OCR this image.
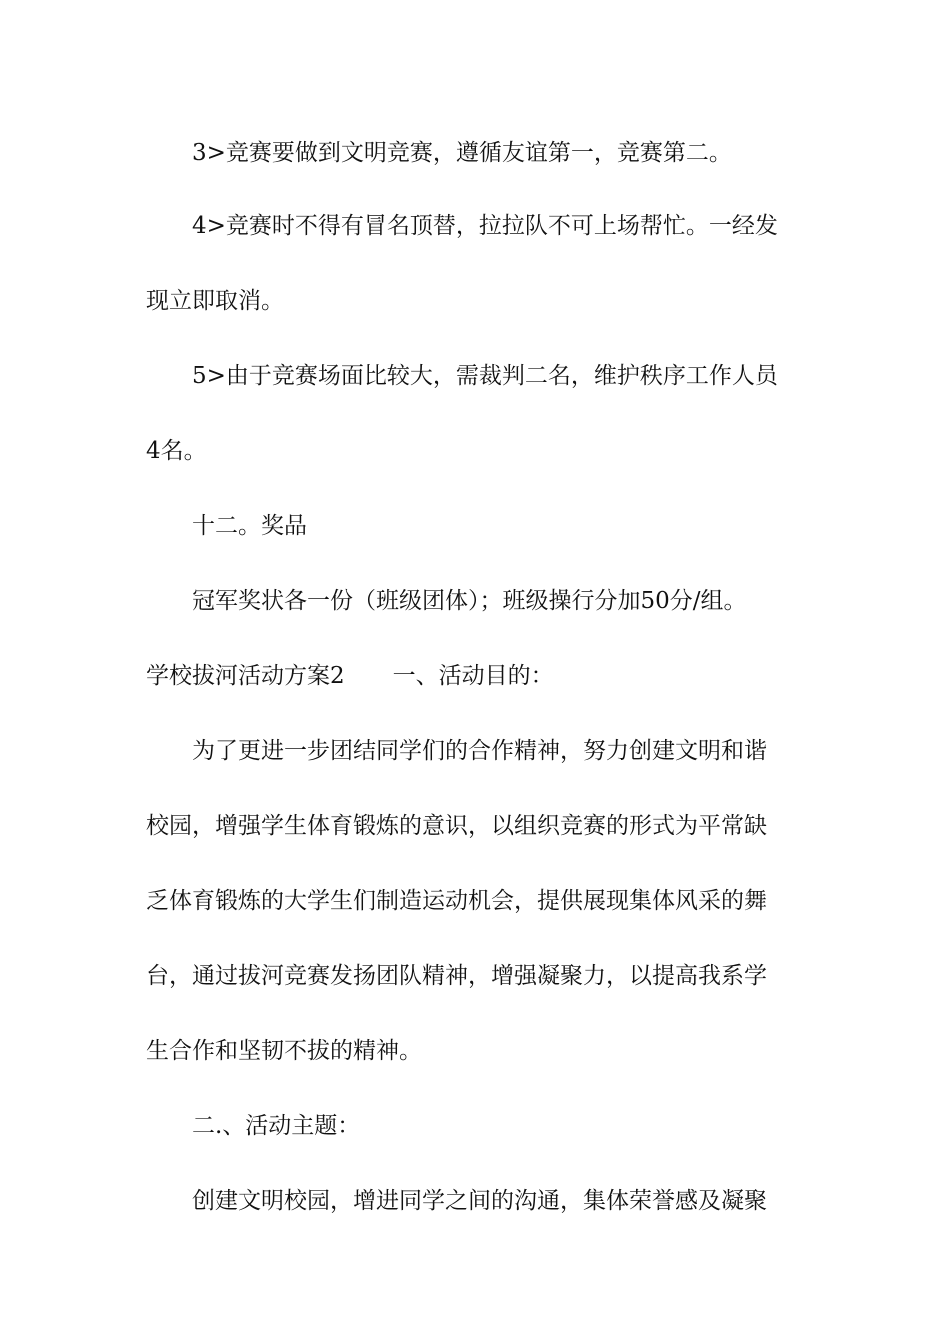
3>竞赛要做到文明竞赛，遵循友谊第一，竞赛第二。
4>竞赛时不得有冒名顶替，拉拉队不可上场帮忙。一经发
现立即取消。
5>由于竞赛场面比较大，需裁判二名，维护秩序工作人员
4名。
十二。奖品
冠军奖状各一份（班级团体）；班级操行分加50分/组。
学校拔河活动方案2 一、活动目的：
为了更进一步团结同学们的合作精神，努力创建文明和谐
校园，增强学生体育锻炼的意识，以组织竞赛的形式为平常缺
乏体育锻炼的大学生们制造运动机会，提供展现集体风采的舞
台，通过拔河竞赛发扬团队精神，增强凝聚力，以提高我系学
生合作和坚韧不拔的精神。
二.、活动主题：
创建文明校园，增进同学之间的沟通，集体荣誉感及凝聚
